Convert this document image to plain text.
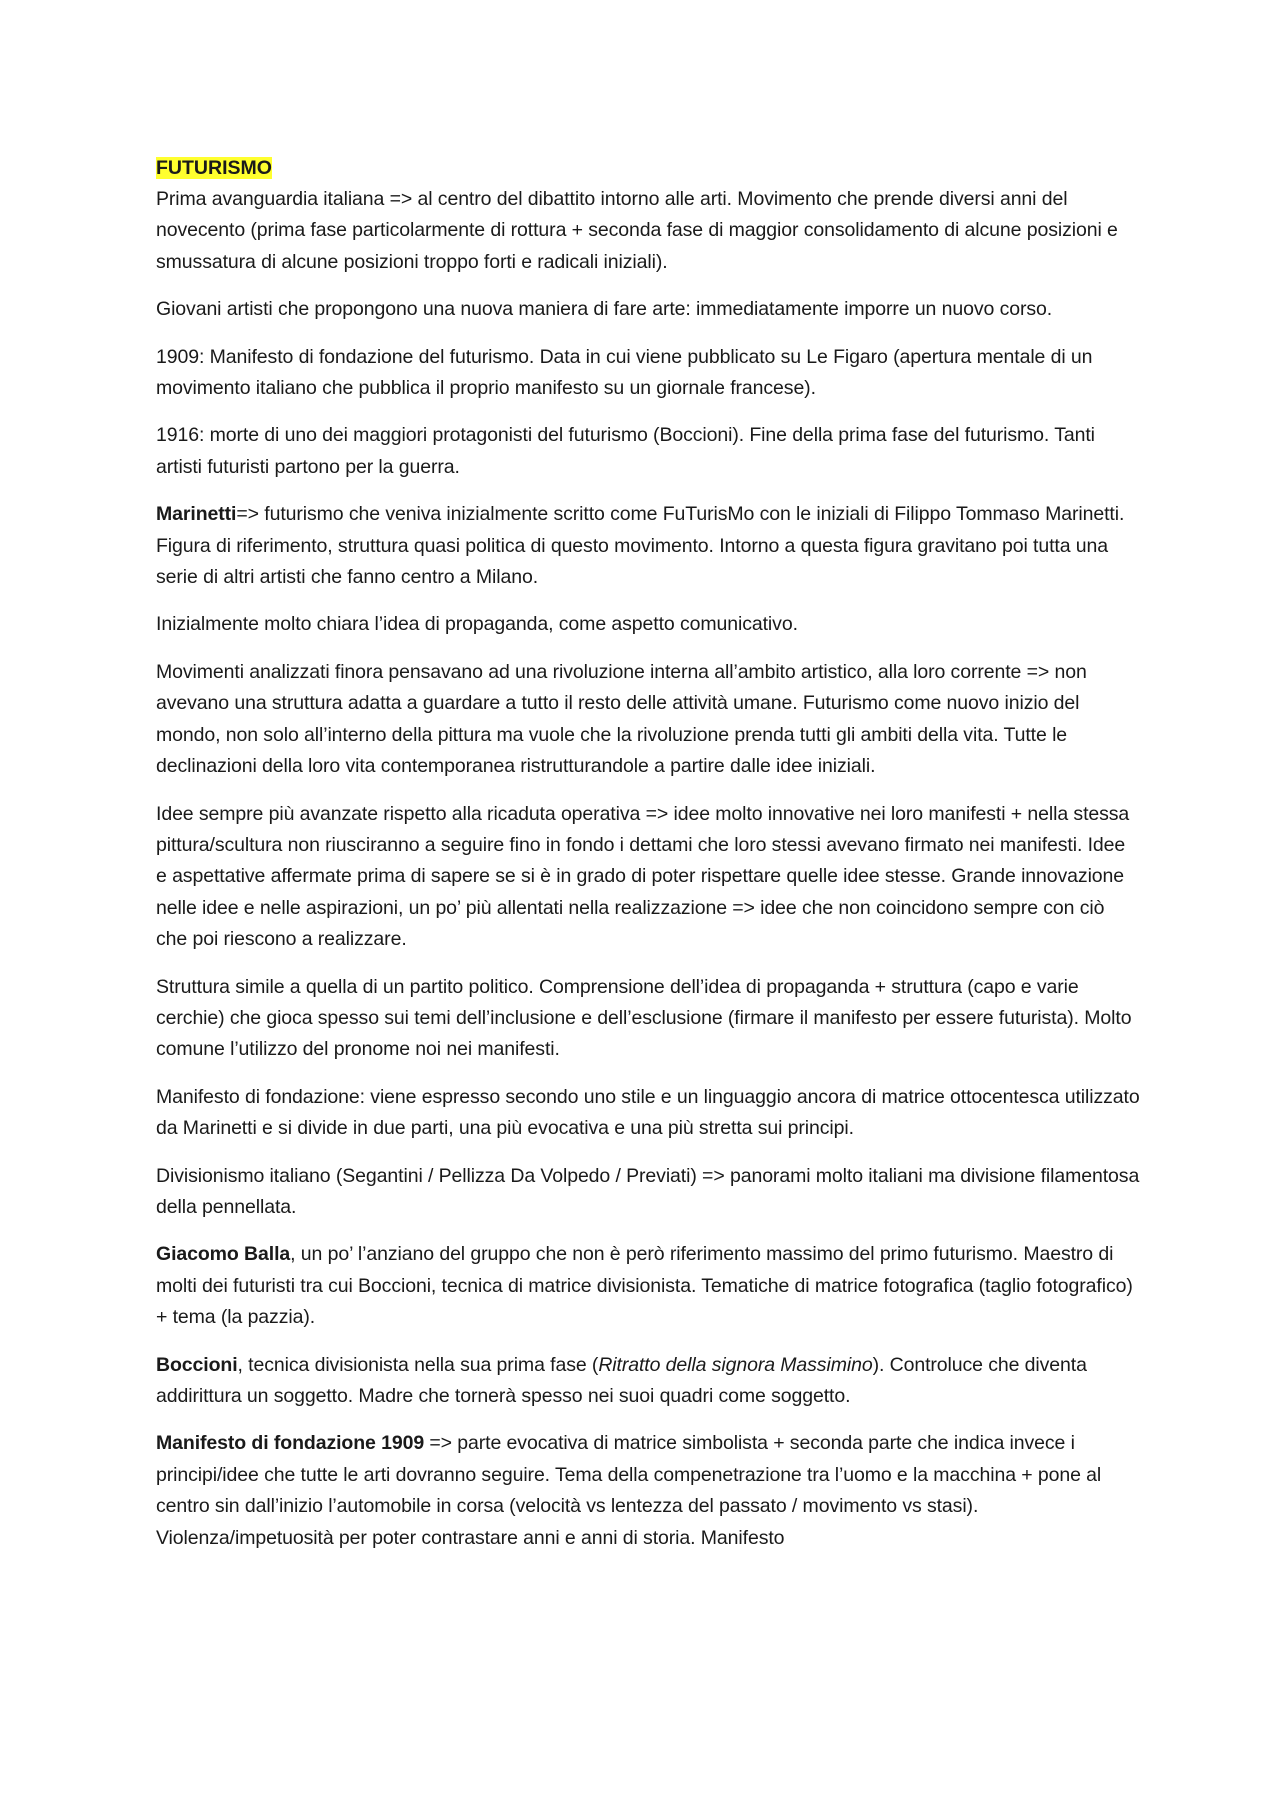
FUTURISMO

Prima avanguardia italiana => al centro del dibattito intorno alle arti. Movimento che prende diversi anni del novecento (prima fase particolarmente di rottura + seconda fase di maggior consolidamento di alcune posizioni e smussatura di alcune posizioni troppo forti e radicali iniziali).

Giovani artisti che propongono una nuova maniera di fare arte: immediatamente imporre un nuovo corso.

1909: Manifesto di fondazione del futurismo. Data in cui viene pubblicato su Le Figaro (apertura mentale di un movimento italiano che pubblica il proprio manifesto su un giornale francese).

1916: morte di uno dei maggiori protagonisti del futurismo (Boccioni). Fine della prima fase del futurismo. Tanti artisti futuristi partono per la guerra.

Marinetti=> futurismo che veniva inizialmente scritto come FuTurisMo con le iniziali di Filippo Tommaso Marinetti. Figura di riferimento, struttura quasi politica di questo movimento. Intorno a questa figura gravitano poi tutta una serie di altri artisti che fanno centro a Milano.

Inizialmente molto chiara l’idea di propaganda, come aspetto comunicativo.

Movimenti analizzati finora pensavano ad una rivoluzione interna all’ambito artistico, alla loro corrente => non avevano una struttura adatta a guardare a tutto il resto delle attività umane. Futurismo come nuovo inizio del mondo, non solo all’interno della pittura ma vuole che la rivoluzione prenda tutti gli ambiti della vita. Tutte le declinazioni della loro vita contemporanea ristrutturandole a partire dalle idee iniziali.

Idee sempre più avanzate rispetto alla ricaduta operativa => idee molto innovative nei loro manifesti + nella stessa pittura/scultura non riusciranno a seguire fino in fondo i dettami che loro stessi avevano firmato nei manifesti. Idee e aspettative affermate prima di sapere se si è in grado di poter rispettare quelle idee stesse. Grande innovazione nelle idee e nelle aspirazioni, un po’ più allentati nella realizzazione => idee che non coincidono sempre con ciò che poi riescono a realizzare.

Struttura simile a quella di un partito politico. Comprensione dell’idea di propaganda + struttura (capo e varie cerchie) che gioca spesso sui temi dell’inclusione e dell’esclusione (firmare il manifesto per essere futurista). Molto comune l’utilizzo del pronome noi nei manifesti.

Manifesto di fondazione: viene espresso secondo uno stile e un linguaggio ancora di matrice ottocentesca utilizzato da Marinetti e si divide in due parti, una più evocativa e una più stretta sui principi.

Divisionismo italiano (Segantini / Pellizza Da Volpedo / Previati) => panorami molto italiani ma divisione filamentosa della pennellata.

Giacomo Balla, un po’ l’anziano del gruppo che non è però riferimento massimo del primo futurismo. Maestro di molti dei futuristi tra cui Boccioni, tecnica di matrice divisionista. Tematiche di matrice fotografica (taglio fotografico) + tema (la pazzia).

Boccioni, tecnica divisionista nella sua prima fase (Ritratto della signora Massimino). Controluce che diventa addirittura un soggetto. Madre che tornerà spesso nei suoi quadri come soggetto.

Manifesto di fondazione 1909 => parte evocativa di matrice simbolista + seconda parte che indica invece i principi/idee che tutte le arti dovranno seguire. Tema della compenetrazione tra l’uomo e la macchina + pone al centro sin dall’inizio l’automobile in corsa (velocità vs lentezza del passato / movimento vs stasi). Violenza/impetuosità per poter contrastare anni e anni di storia. Manifesto
